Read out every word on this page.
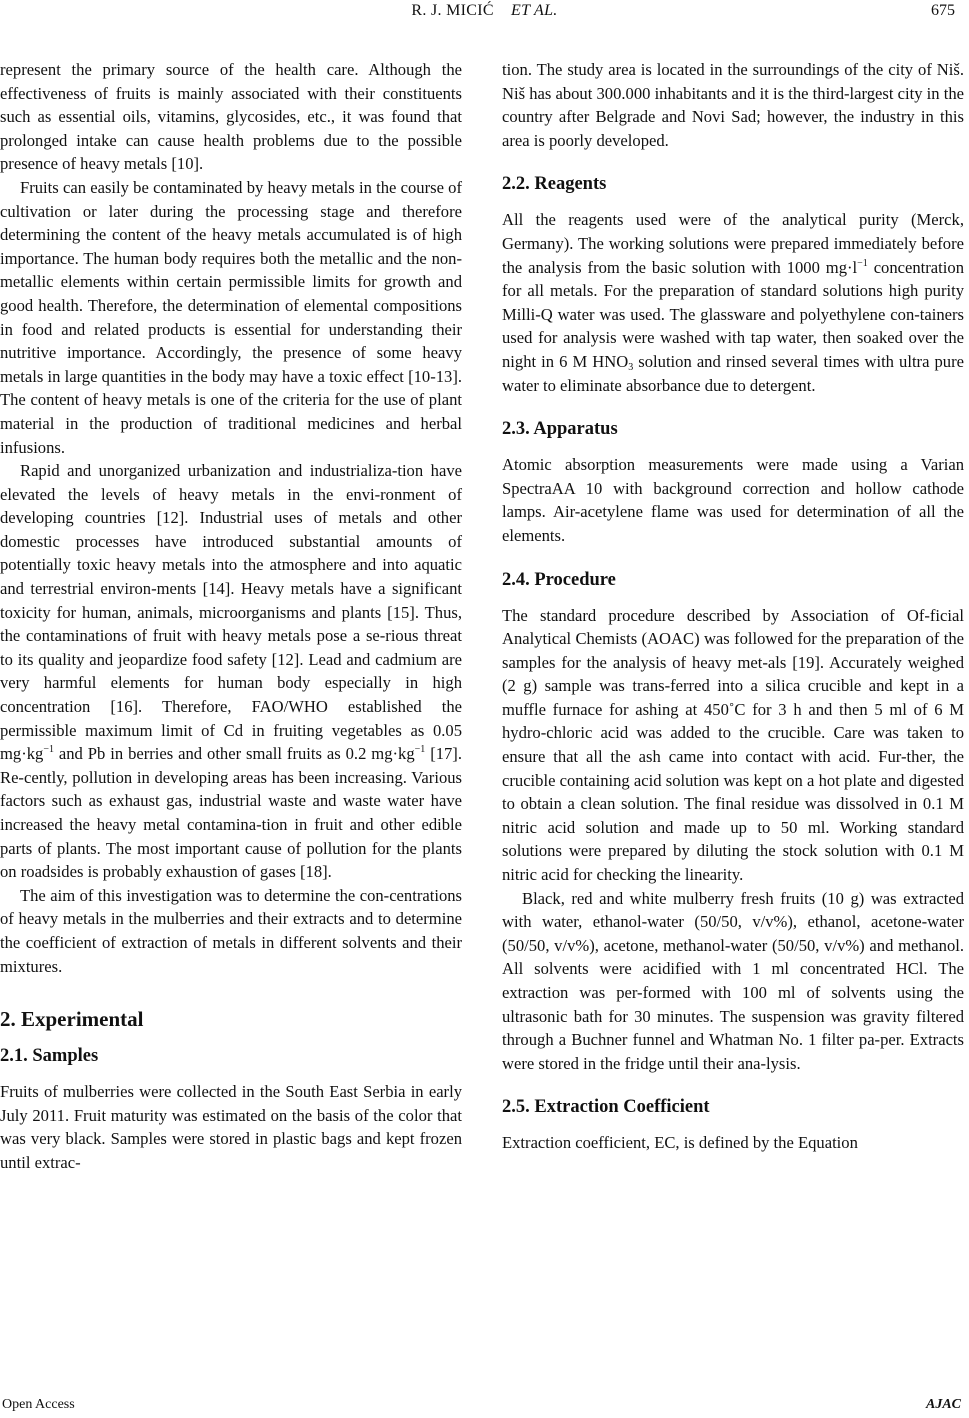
R. J. MICIĆ ET AL.	675

represent the primary source of the health care. Although the effectiveness of fruits is mainly associated with their constituents such as essential oils, vitamins, glycosides, etc., it was found that prolonged intake can cause health problems due to the possible presence of heavy metals [10].

Fruits can easily be contaminated by heavy metals in the course of cultivation or later during the processing stage and therefore determining the content of the heavy metals accumulated is of high importance. The human body requires both the metallic and the non-metallic elements within certain permissible limits for growth and good health. Therefore, the determination of elemental compositions in food and related products is essential for understanding their nutritive importance. Accordingly, the presence of some heavy metals in large quantities in the body may have a toxic effect [10-13]. The content of heavy metals is one of the criteria for the use of plant material in the production of traditional medicines and herbal infusions.

Rapid and unorganized urbanization and industrializa-tion have elevated the levels of heavy metals in the envi-ronment of developing countries [12]. Industrial uses of metals and other domestic processes have introduced substantial amounts of potentially toxic heavy metals into the atmosphere and into aquatic and terrestrial environ-ments [14]. Heavy metals have a significant toxicity for human, animals, microorganisms and plants [15]. Thus, the contaminations of fruit with heavy metals pose a se-rious threat to its quality and jeopardize food safety [12]. Lead and cadmium are very harmful elements for human body especially in high concentration [16]. Therefore, FAO/WHO established the permissible maximum limit of Cd in fruiting vegetables as 0.05 $mg\cdot kg^{-1}$ and Pb in berries and other small fruits as 0.2 $mg\cdot kg^{-1}$ [17]. Re-cently, pollution in developing areas has been increasing. Various factors such as exhaust gas, industrial waste and waste water have increased the heavy metal contamina-tion in fruit and other edible parts of plants. The most important cause of pollution for the plants on roadsides is probably exhaustion of gases [18].

The aim of this investigation was to determine the con-centrations of heavy metals in the mulberries and their extracts and to determine the coefficient of extraction of metals in different solvents and their mixtures.

2. Experimental
2.1. Samples

Fruits of mulberries were collected in the South East Serbia in early July 2011. Fruit maturity was estimated on the basis of the color that was very black. Samples were stored in plastic bags and kept frozen until extrac-

tion. The study area is located in the surroundings of the city of Niš. Niš has about 300.000 inhabitants and it is the third-largest city in the country after Belgrade and Novi Sad; however, the industry in this area is poorly developed.

2.2. Reagents

All the reagents used were of the analytical purity (Merck, Germany). The working solutions were prepared immediately before the analysis from the basic solution with 1000 $mg\cdot l^{-1}$ concentration for all metals. For the preparation of standard solutions high purity Milli-Q water was used. The glassware and polyethylene con-tainers used for analysis were washed with tap water, then soaked over the night in 6 M $HNO_3$ solution and rinsed several times with ultra pure water to eliminate absorbance due to detergent.

2.3. Apparatus

Atomic absorption measurements were made using a Varian SpectraAA 10 with background correction and hollow cathode lamps. Air-acetylene flame was used for determination of all the elements.

2.4. Procedure

The standard procedure described by Association of Of-ficial Analytical Chemists (AOAC) was followed for the preparation of the samples for the analysis of heavy met-als [19]. Accurately weighed (2 g) sample was trans-ferred into a silica crucible and kept in a muffle furnace for ashing at 450˚C for 3 h and then 5 ml of 6 M hydro-chloric acid was added to the crucible. Care was taken to ensure that all the ash came into contact with acid. Fur-ther, the crucible containing acid solution was kept on a hot plate and digested to obtain a clean solution. The final residue was dissolved in 0.1 M nitric acid solution and made up to 50 ml. Working standard solutions were prepared by diluting the stock solution with 0.1 M nitric acid for checking the linearity.

Black, red and white mulberry fresh fruits (10 g) was extracted with water, ethanol-water (50/50, v/v%), ethanol, acetone-water (50/50, v/v%), acetone, methanol-water (50/50, v/v%) and methanol. All solvents were acidified with 1 ml concentrated HCl. The extraction was per-formed with 100 ml of solvents using the ultrasonic bath for 30 minutes. The suspension was gravity filtered through a Buchner funnel and Whatman No. 1 filter pa-per. Extracts were stored in the fridge until their ana-lysis.

2.5. Extraction Coefficient

Extraction coefficient, EC, is defined by the Equation

Open Access	AJAC
